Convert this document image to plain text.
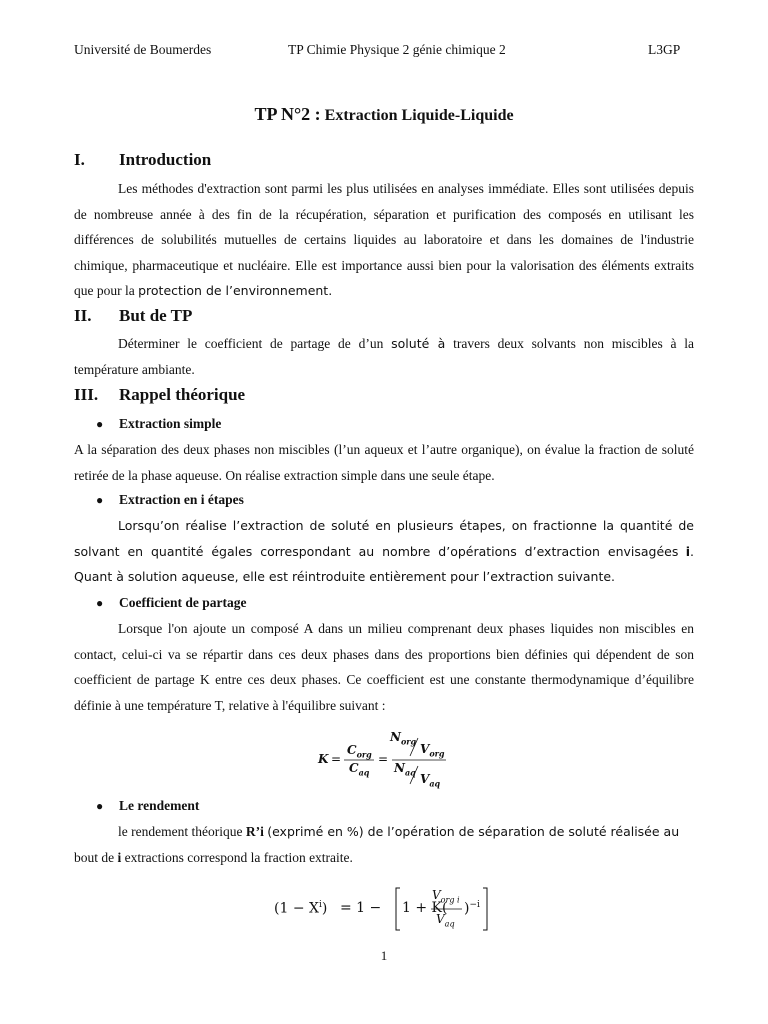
Université de Boumerdes	TP Chimie Physique 2 génie chimique 2	L3GP
TP N°2 : Extraction Liquide-Liquide
I. Introduction
Les méthodes d'extraction sont parmi les plus utilisées en analyses immédiate. Elles sont utilisées depuis de nombreuse année à des fin de la récupération, séparation et purification des composés en utilisant les différences de solubilités mutuelles de certains liquides au laboratoire et dans les domaines de l'industrie chimique, pharmaceutique et nucléaire. Elle est importance aussi bien pour la valorisation des éléments extraits que pour la protection de l’environnement.
II. But de TP
Déterminer le coefficient de partage de d’un soluté à travers deux solvants non miscibles à la température ambiante.
III. Rappel théorique
● Extraction simple
A la séparation des deux phases non miscibles (l’un aqueux et l’autre organique), on évalue la fraction de soluté retirée de la phase aqueuse. On réalise extraction simple dans une seule étape.
● Extraction en i étapes
Lorsqu’on réalise l’extraction de soluté en plusieurs étapes, on fractionne la quantité de solvant en quantité égales correspondant au nombre d’opérations d’extraction envisagées i. Quant à solution aqueuse, elle est réintroduite entièrement pour l’extraction suivante.
● Coefficient de partage
Lorsque l'on ajoute un composé A dans un milieu comprenant deux phases liquides non miscibles en contact, celui-ci va se répartir dans ces deux phases dans des proportions bien définies qui dépendent de son coefficient de partage K entre ces deux phases. Ce coefficient est une constante thermodynamique d’équilibre définie à une température T, relative à l'équilibre suivant :
K =
$C_{org}$
$C_{aq}$
=
$N_{org}$
$V_{org}$
$N_{aq}$ $V_{aq}$
● Le rendement
le rendement théorique R’i (exprimé en %) de l’opération de séparation de soluté réalisée au
bout de i extractions correspond la fraction extraite.
$(1 - X^i) = 1 - 1 + K$(
$V_{org i}$
$V_{aq}$
)$^{-i}$
1
